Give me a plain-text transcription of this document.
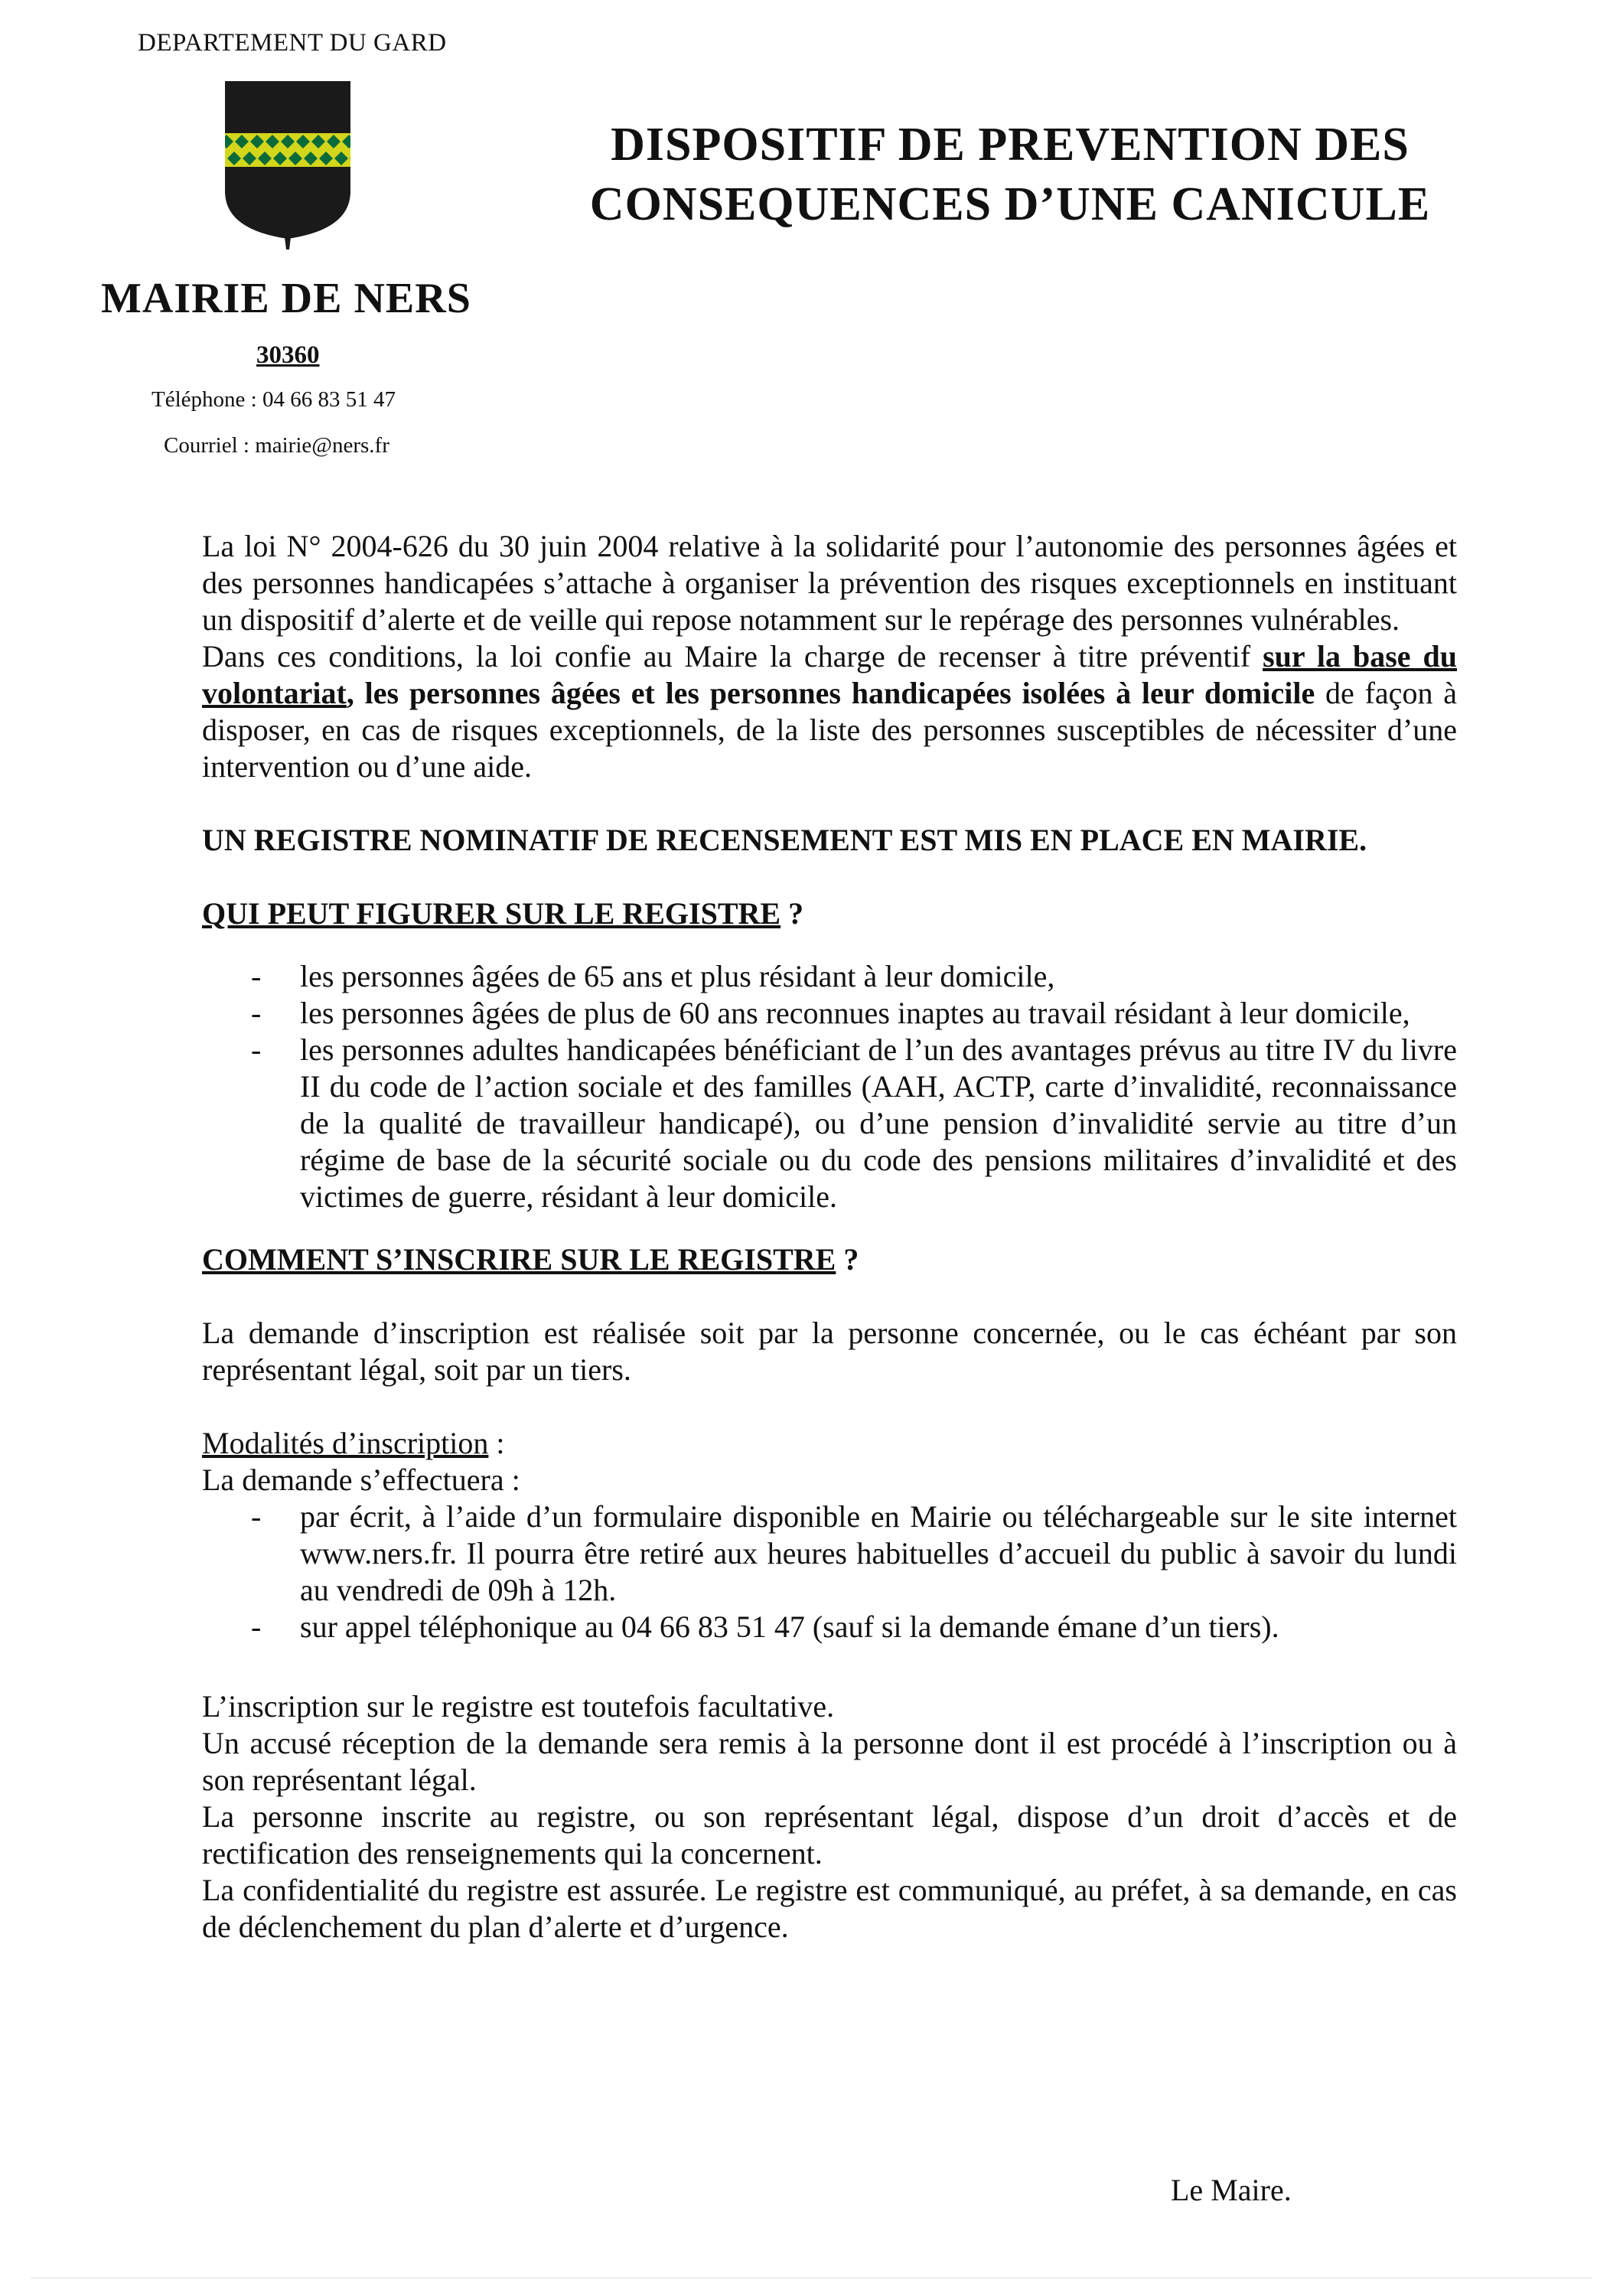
DEPARTEMENT DU GARD
MAIRIE DE NERS
30360
Téléphone : 04 66 83 51 47
Courriel : mairie@ners.fr
DISPOSITIF DE PREVENTION DES
CONSEQUENCES D’UNE CANICULE

La loi N° 2004-626 du 30 juin 2004 relative à la solidarité pour l’autonomie des personnes âgées et des personnes handicapées s’attache à organiser la prévention des risques exceptionnels en instituant un dispositif d’alerte et de veille qui repose notamment sur le repérage des personnes vulnérables.

Dans ces conditions, la loi confie au Maire la charge de recenser à titre préventif sur la base du volontariat, les personnes âgées et les personnes handicapées isolées à leur domicile de façon à disposer, en cas de risques exceptionnels, de la liste des personnes susceptibles de nécessiter d’une intervention ou d’une aide.

UN REGISTRE NOMINATIF DE RECENSEMENT EST MIS EN PLACE EN MAIRIE.

QUI PEUT FIGURER SUR LE REGISTRE ?

- les personnes âgées de 65 ans et plus résidant à leur domicile,
- les personnes âgées de plus de 60 ans reconnues inaptes au travail résidant à leur domicile,
- les personnes adultes handicapées bénéficiant de l’un des avantages prévus au titre IV du livre II du code de l’action sociale et des familles (AAH, ACTP, carte d’invalidité, reconnaissance de la qualité de travailleur handicapé), ou d’une pension d’invalidité servie au titre d’un régime de base de la sécurité sociale ou du code des pensions militaires d’invalidité et des victimes de guerre, résidant à leur domicile.

COMMENT S’INSCRIRE SUR LE REGISTRE ?

La demande d’inscription est réalisée soit par la personne concernée, ou le cas échéant par son représentant légal, soit par un tiers.

Modalités d’inscription :

La demande s’effectuera :

- par écrit, à l’aide d’un formulaire disponible en Mairie ou téléchargeable sur le site internet www.ners.fr. Il pourra être retiré aux heures habituelles d’accueil du public à savoir du lundi au vendredi de 09h à 12h.
- sur appel téléphonique au 04 66 83 51 47 (sauf si la demande émane d’un tiers).

L’inscription sur le registre est toutefois facultative.

Un accusé réception de la demande sera remis à la personne dont il est procédé à l’inscription ou à son représentant légal.

La personne inscrite au registre, ou son représentant légal, dispose d’un droit d’accès et de rectification des renseignements qui la concernent.

La confidentialité du registre est assurée. Le registre est communiqué, au préfet, à sa demande, en cas de déclenchement du plan d’alerte et d’urgence.

Le Maire.
